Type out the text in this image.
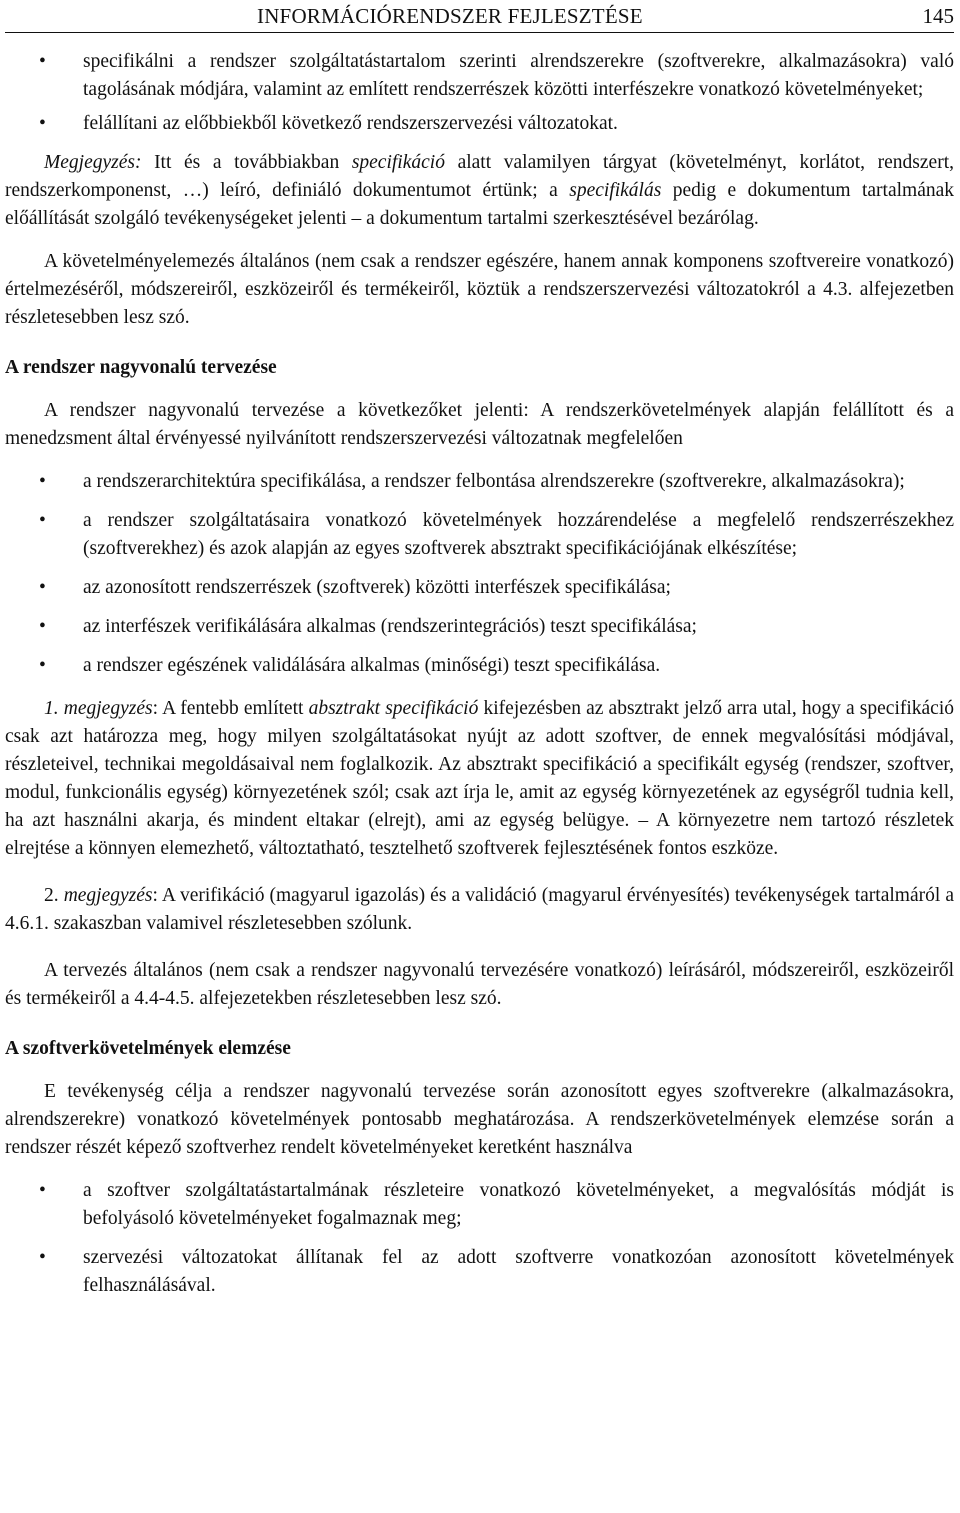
INFORMÁCIÓRENDSZER FEJLESZTÉSE	145
• specifikálni a rendszer szolgáltatástartalom szerinti alrendszerekre (szoftverekre, alkalmazásokra) való tagolásának módjára, valamint az említett rendszerrészek közötti interfészekre vonatkozó követelményeket;
• felállítani az előbbiekből következő rendszerszervezési változatokat.

Megjegyzés: Itt és a továbbiakban specifikáció alatt valamilyen tárgyat (követelményt, korlátot, rendszert, rendszerkomponenst, …) leíró, definiáló dokumentumot értünk; a specifikálás pedig e dokumentum tartalmának előállítását szolgáló tevékenységeket jelenti – a dokumentum tartalmi szerkesztésével bezárólag.

A követelményelemezés általános (nem csak a rendszer egészére, hanem annak komponens szoftvereire vonatkozó) értelmezéséről, módszereiről, eszközeiről és termékeiről, köztük a rendszerszervezési változatokról a 4.3. alfejezetben részletesebben lesz szó.

A rendszer nagyvonalú tervezése

A rendszer nagyvonalú tervezése a következőket jelenti: A rendszerkövetelmények alapján felállított és a menedzsment által érvényessé nyilvánított rendszerszervezési változatnak megfelelően

• a rendszerarchitektúra specifikálása, a rendszer felbontása alrendszerekre (szoftverekre, alkalmazásokra);
• a rendszer szolgáltatásaira vonatkozó követelmények hozzárendelése a megfelelő rendszerrészekhez (szoftverekhez) és azok alapján az egyes szoftverek absztrakt specifikációjának elkészítése;
• az azonosított rendszerrészek (szoftverek) közötti interfészek specifikálása;
• az interfészek verifikálására alkalmas (rendszerintegrációs) teszt specifikálása;
• a rendszer egészének validálására alkalmas (minőségi) teszt specifikálása.

1. megjegyzés: A fentebb említett absztrakt specifikáció kifejezésben az absztrakt jelző arra utal, hogy a specifikáció csak azt határozza meg, hogy milyen szolgáltatásokat nyújt az adott szoftver, de ennek megvalósítási módjával, részleteivel, technikai megoldásaival nem foglalkozik. Az absztrakt specifikáció a specifikált egység (rendszer, szoftver, modul, funkcionális egység) környezetének szól; csak azt írja le, amit az egység környezetének az egységről tudnia kell, ha azt használni akarja, és mindent eltakar (elrejt), ami az egység belügye. – A környezetre nem tartozó részletek elrejtése a könnyen elemezhető, változtatható, tesztelhető szoftverek fejlesztésének fontos eszköze.

2. megjegyzés: A verifikáció (magyarul igazolás) és a validáció (magyarul érvényesítés) tevékenységek tartalmáról a 4.6.1. szakaszban valamivel részletesebben szólunk.

A tervezés általános (nem csak a rendszer nagyvonalú tervezésére vonatkozó) leírásáról, módszereiről, eszközeiről és termékeiről a 4.4-4.5. alfejezetekben részletesebben lesz szó.

A szoftverkövetelmények elemzése

E tevékenység célja a rendszer nagyvonalú tervezése során azonosított egyes szoftverekre (alkalmazásokra, alrendszerekre) vonatkozó követelmények pontosabb meghatározása. A rendszerkövetelmények elemzése során a rendszer részét képező szoftverhez rendelt követelményeket keretként használva

• a szoftver szolgáltatástartalmának részleteire vonatkozó követelményeket, a megvalósítás módját is befolyásoló követelményeket fogalmaznak meg;
• szervezési változatokat állítanak fel az adott szoftverre vonatkozóan azonosított követelmények felhasználásával.
